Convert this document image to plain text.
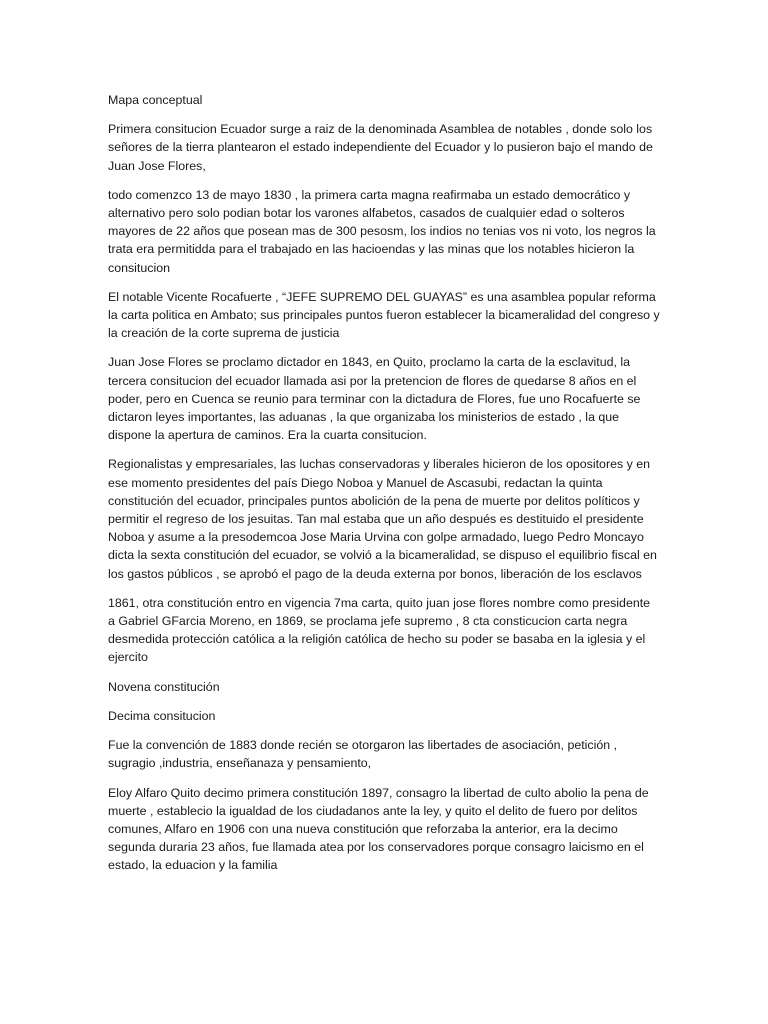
Mapa conceptual

Primera consitucion Ecuador surge a raiz de la denominada Asamblea de notables , donde solo los señores de la tierra plantearon el estado independiente del Ecuador y lo pusieron bajo el mando de Juan Jose Flores,

todo comenzco 13 de mayo 1830 , la primera carta magna reafirmaba un estado democrático y alternativo pero solo podian botar los varones alfabetos, casados de cualquier edad o solteros mayores de 22 años que posean mas de 300 pesosm, los indios no tenias vos ni voto, los negros la trata era permitidda para el trabajado en las hacioendas y las minas que los notables hicieron la consitucion

El notable Vicente Rocafuerte , “JEFE SUPREMO DEL GUAYAS” es una asamblea popular reforma la carta politica en Ambato; sus principales puntos fueron establecer la bicameralidad del congreso y la creación de la corte suprema de justicia

Juan Jose Flores se proclamo dictador en 1843, en Quito, proclamo la carta de la esclavitud, la tercera consitucion del ecuador llamada asi por la pretencion de flores de quedarse 8 años en el poder, pero en Cuenca se reunio para terminar con la dictadura de Flores, fue uno Rocafuerte se dictaron leyes importantes, las aduanas , la que organizaba los ministerios de estado , la que dispone la apertura de caminos. Era la cuarta consitucion.

Regionalistas y empresariales, las luchas conservadoras y liberales hicieron de los opositores y en ese momento presidentes del país Diego Noboa y Manuel de Ascasubi, redactan la quinta constitución del ecuador, principales puntos abolición de la pena de muerte por delitos políticos y permitir el regreso de los jesuitas. Tan mal estaba que un año después es destituido el presidente Noboa y asume a la presodemcoa Jose Maria Urvina con golpe armadado, luego Pedro Moncayo dicta la sexta constitución del ecuador, se volvió a la bicameralidad, se dispuso el equilibrio fiscal en los gastos públicos , se aprobó el pago de la deuda externa por bonos, liberación de los esclavos

1861, otra constitución entro en vigencia 7ma carta, quito juan jose flores nombre como presidente a Gabriel GFarcia Moreno, en 1869, se proclama jefe supremo , 8 cta consticucion carta negra desmedida protección católica a la religión católica de hecho su poder se basaba en la iglesia y el ejercito

Novena constitución

Decima consitucion

Fue la convención de 1883 donde recién se otorgaron las libertades de asociación, petición , sugragio ,industria, enseñanaza y pensamiento,

Eloy Alfaro Quito decimo primera constitución 1897, consagro la libertad de culto abolio la pena de muerte , establecio la igualdad de los ciudadanos ante la ley, y quito el delito de fuero por delitos comunes, Alfaro en 1906 con una nueva constitución que reforzaba la anterior, era la decimo segunda duraria 23 años, fue llamada atea por los conservadores porque consagro laicismo en el estado, la eduacion y la familia
